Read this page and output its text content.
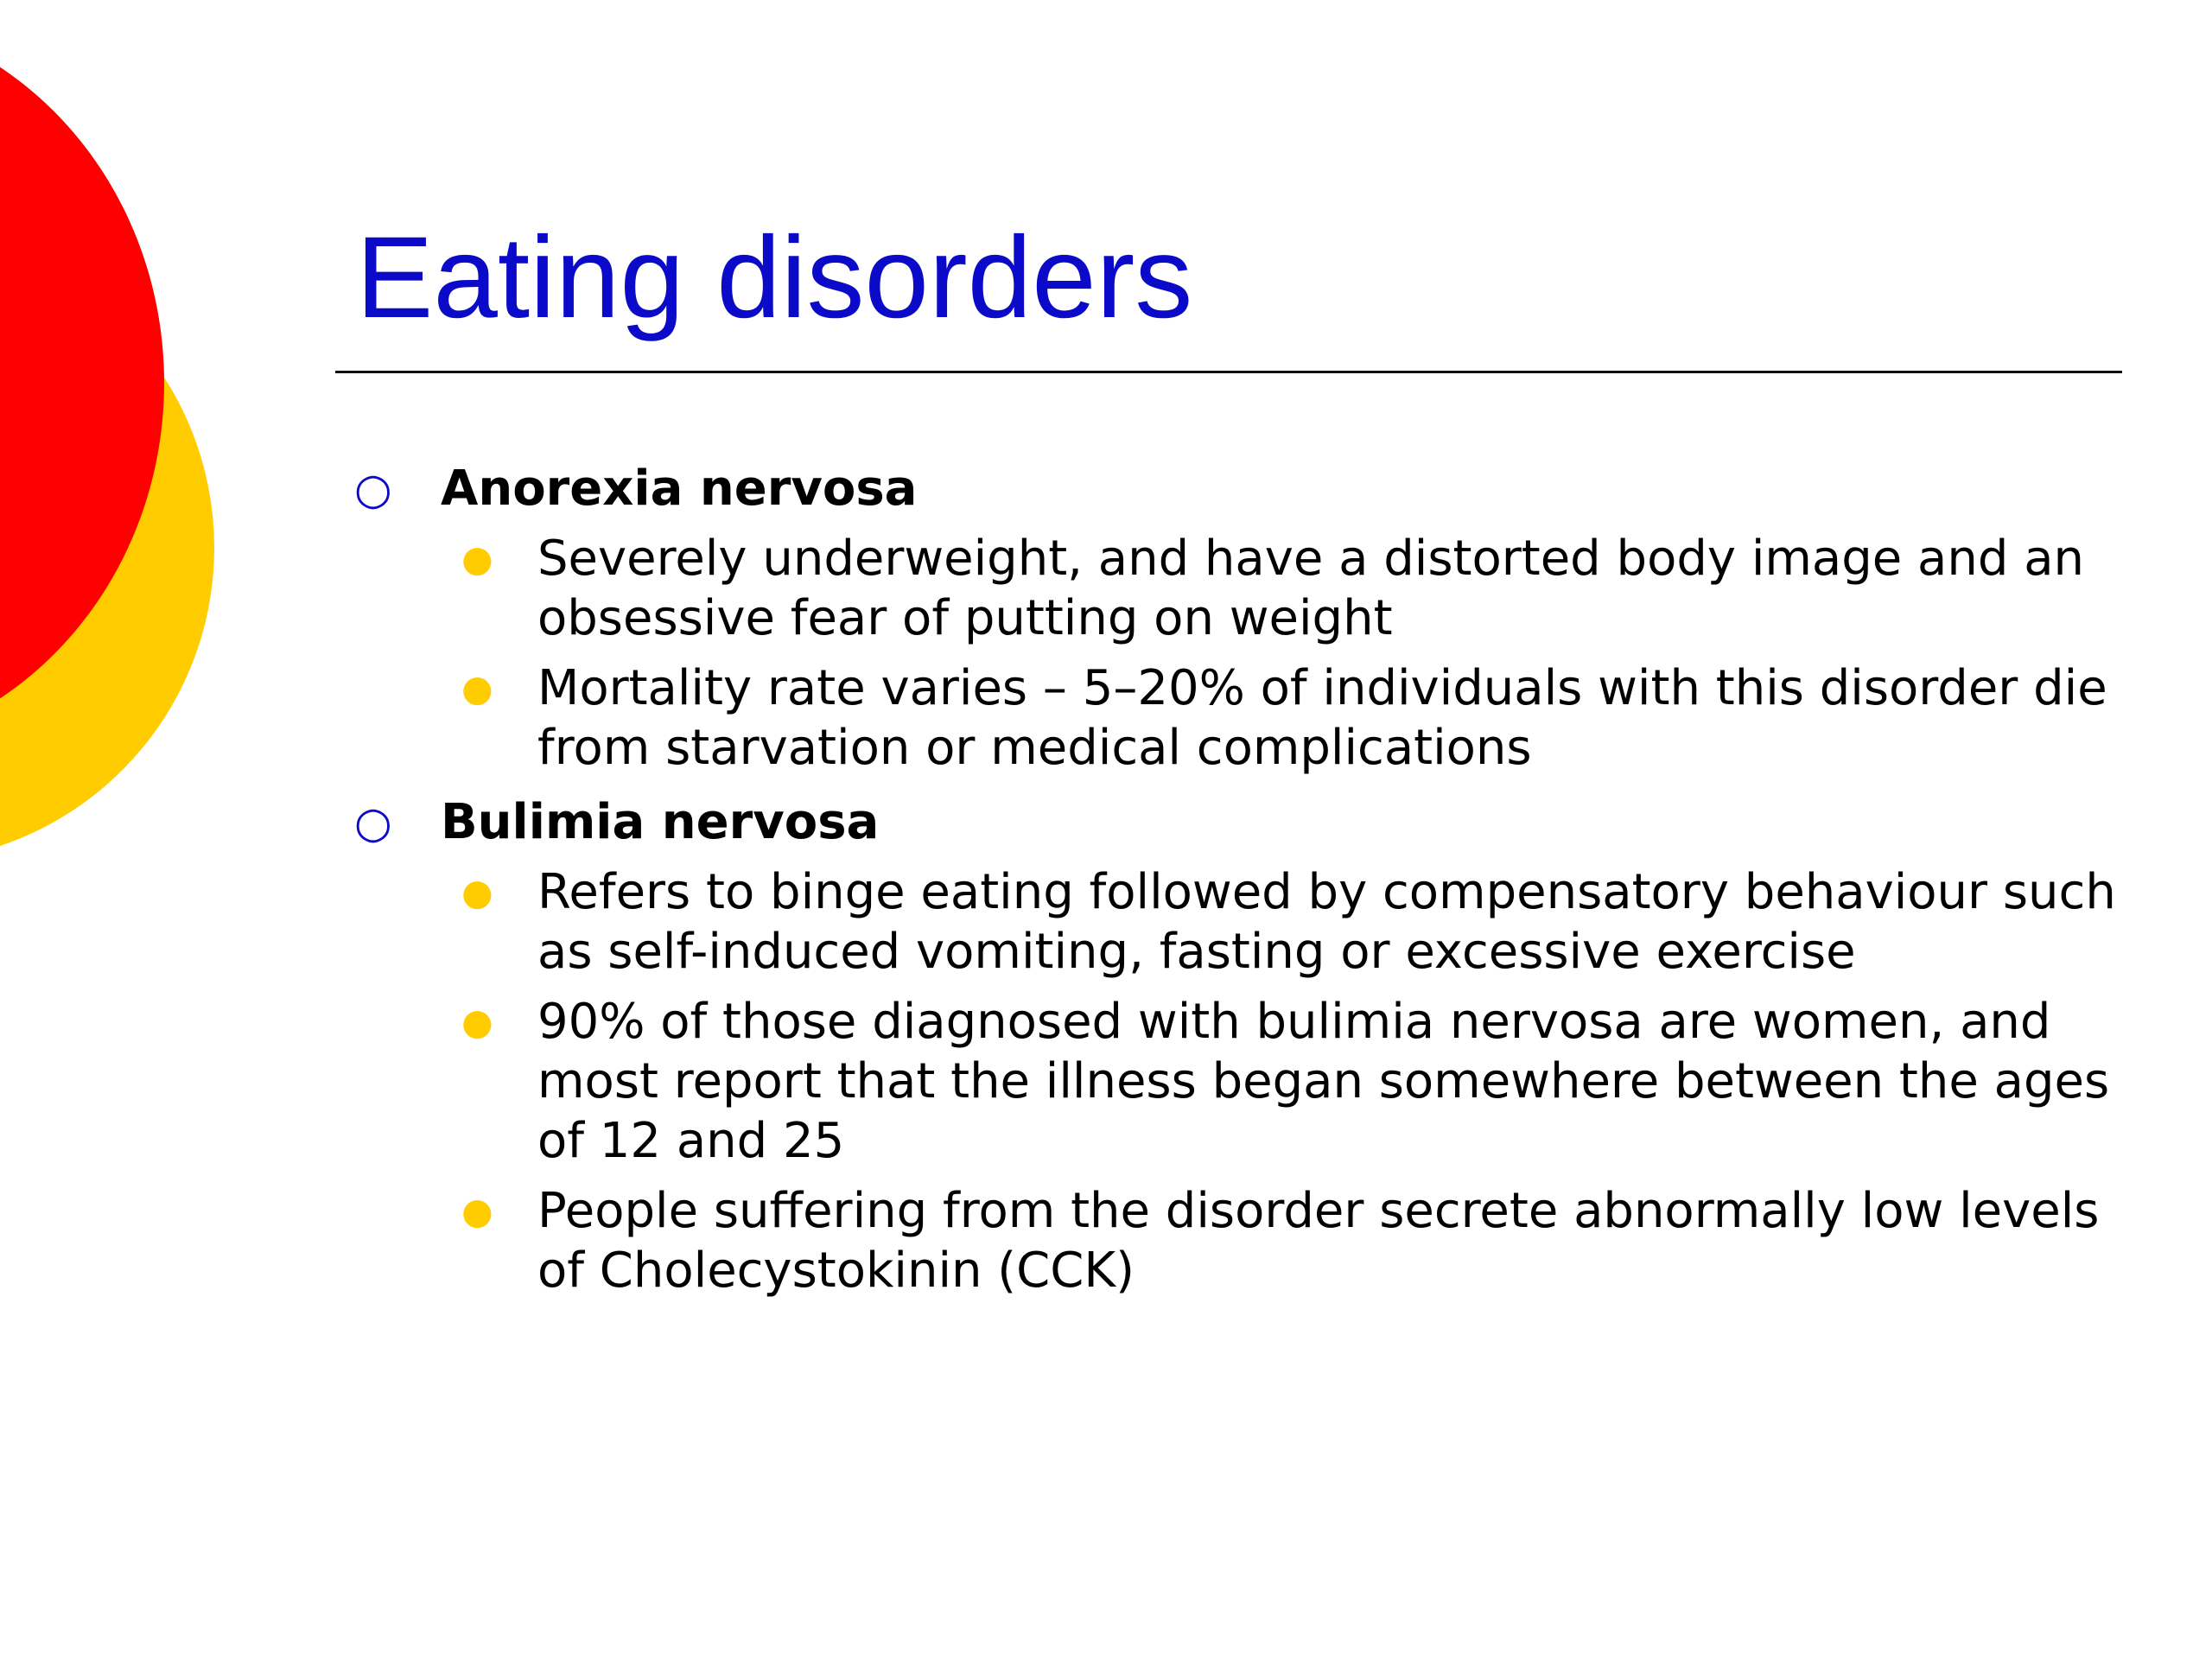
Eating disorders
○ Anorexia nervosa
● Severely underweight, and have a distorted body image and an obsessive fear of putting on weight
● Mortality rate varies – 5–20% of individuals with this disorder die from starvation or medical complications
○ Bulimia nervosa
● Refers to binge eating followed by compensatory behaviour such as self-induced vomiting, fasting or excessive exercise
● 90% of those diagnosed with bulimia nervosa are women, and most report that the illness began somewhere between the ages of 12 and 25
● People suffering from the disorder secrete abnormally low levels of Cholecystokinin (CCK)
